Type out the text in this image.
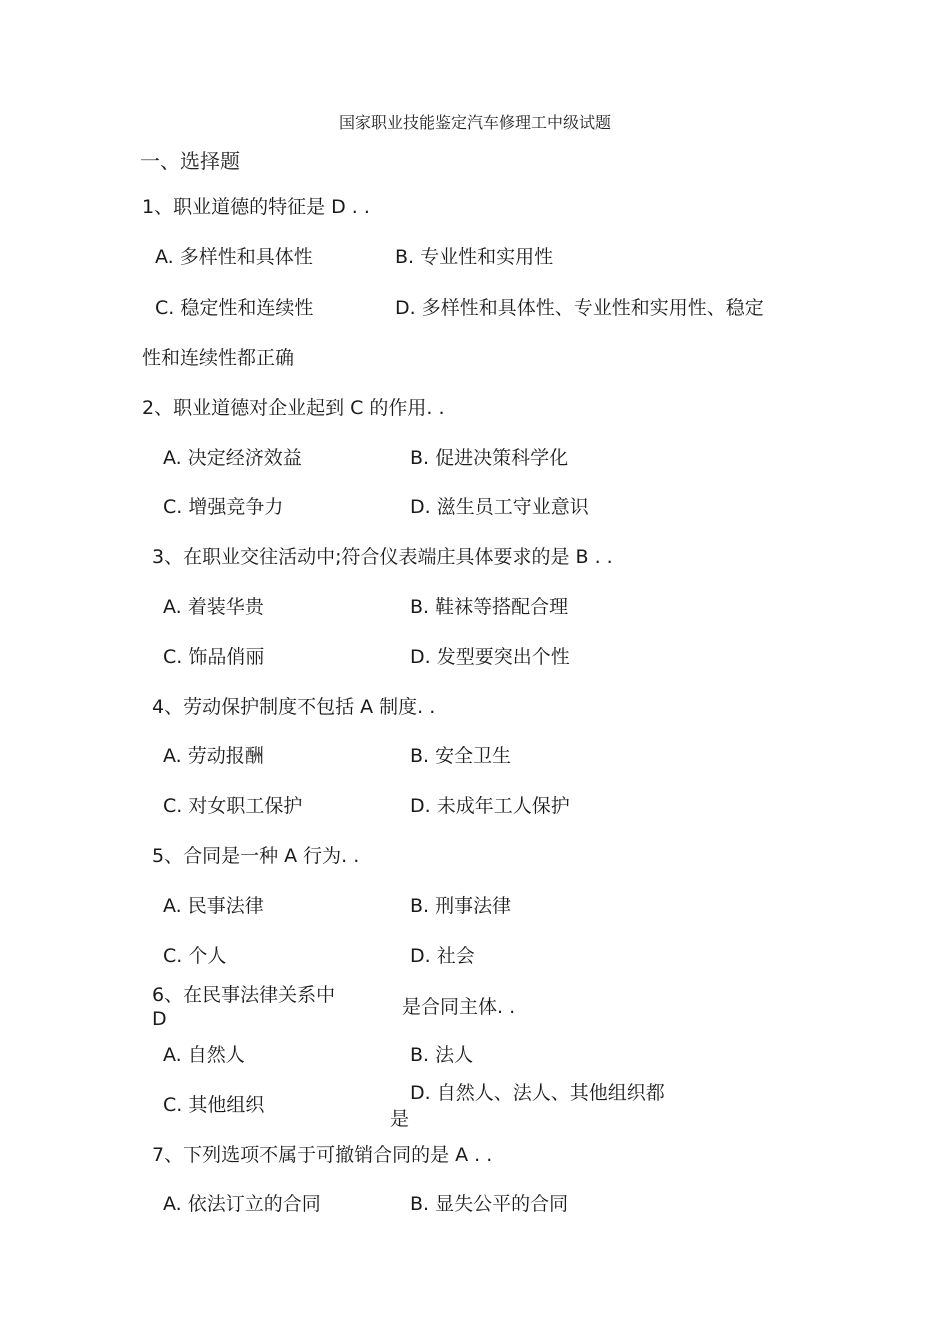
国家职业技能鉴定汽车修理工中级试题
一、选择题
1、职业道德的特征是 D . .
A. 多样性和具体性	B. 专业性和实用性
C. 稳定性和连续性	D. 多样性和具体性、专业性和实用性、稳定
性和连续性都正确
2、职业道德对企业起到 C 的作用. .
A. 决定经济效益	B. 促进决策科学化
C. 增强竞争力	D. 滋生员工守业意识
3、在职业交往活动中;符合仪表端庄具体要求的是 B . .
A. 着装华贵	B. 鞋袜等搭配合理
C. 饰品俏丽	D. 发型要突出个性
4、劳动保护制度不包括 A 制度. .
A. 劳动报酬	B. 安全卫生
C. 对女职工保护	D. 未成年工人保护
5、合同是一种 A 行为. .
A. 民事法律	B. 刑事法律
C. 个人	D. 社会
6、在民事法律关系中
D
是合同主体. .
A. 自然人	B. 法人
C. 其他组织
D. 自然人、法人、其他组织都
是
7、下列选项不属于可撤销合同的是 A . .
A. 依法订立的合同	B. 显失公平的合同
